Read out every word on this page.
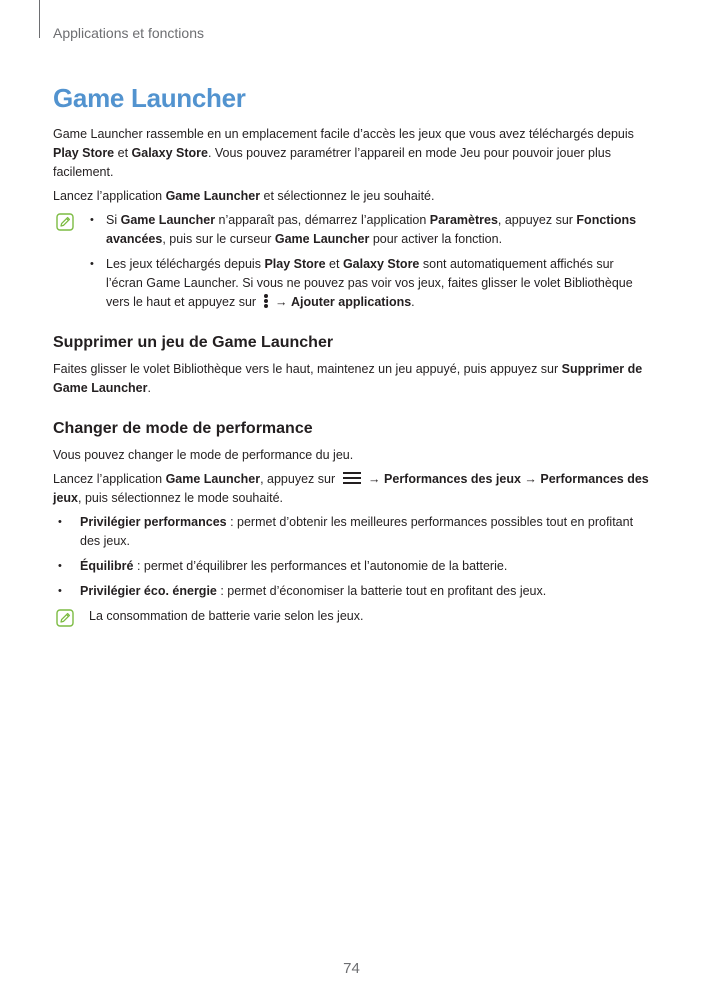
Applications et fonctions
Game Launcher

Game Launcher rassemble en un emplacement facile d’accès les jeux que vous avez téléchargés depuis Play Store et Galaxy Store. Vous pouvez paramétrer l’appareil en mode Jeu pour pouvoir jouer plus facilement.

Lancez l’application Game Launcher et sélectionnez le jeu souhaité.

• Si Game Launcher n’apparaît pas, démarrez l’application Paramètres, appuyez sur Fonctions avancées, puis sur le curseur Game Launcher pour activer la fonction.
• Les jeux téléchargés depuis Play Store et Galaxy Store sont automatiquement affichés sur l’écran Game Launcher. Si vous ne pouvez pas voir vos jeux, faites glisser le volet Bibliothèque vers le haut et appuyez sur
→ Ajouter applications.
Supprimer un jeu de Game Launcher

Faites glisser le volet Bibliothèque vers le haut, maintenez un jeu appuyé, puis appuyez sur Supprimer de Game Launcher.

Changer de mode de performance

Vous pouvez changer le mode de performance du jeu.

Lancez l’application Game Launcher, appuyez sur
→ Performances des jeux → Performances des jeux, puis sélectionnez le mode souhaité.

• Privilégier performances : permet d’obtenir les meilleures performances possibles tout en profitant des jeux.
• Équilibré : permet d’équilibrer les performances et l’autonomie de la batterie.
• Privilégier éco. énergie : permet d’économiser la batterie tout en profitant des jeux.

La consommation de batterie varie selon les jeux.

74
